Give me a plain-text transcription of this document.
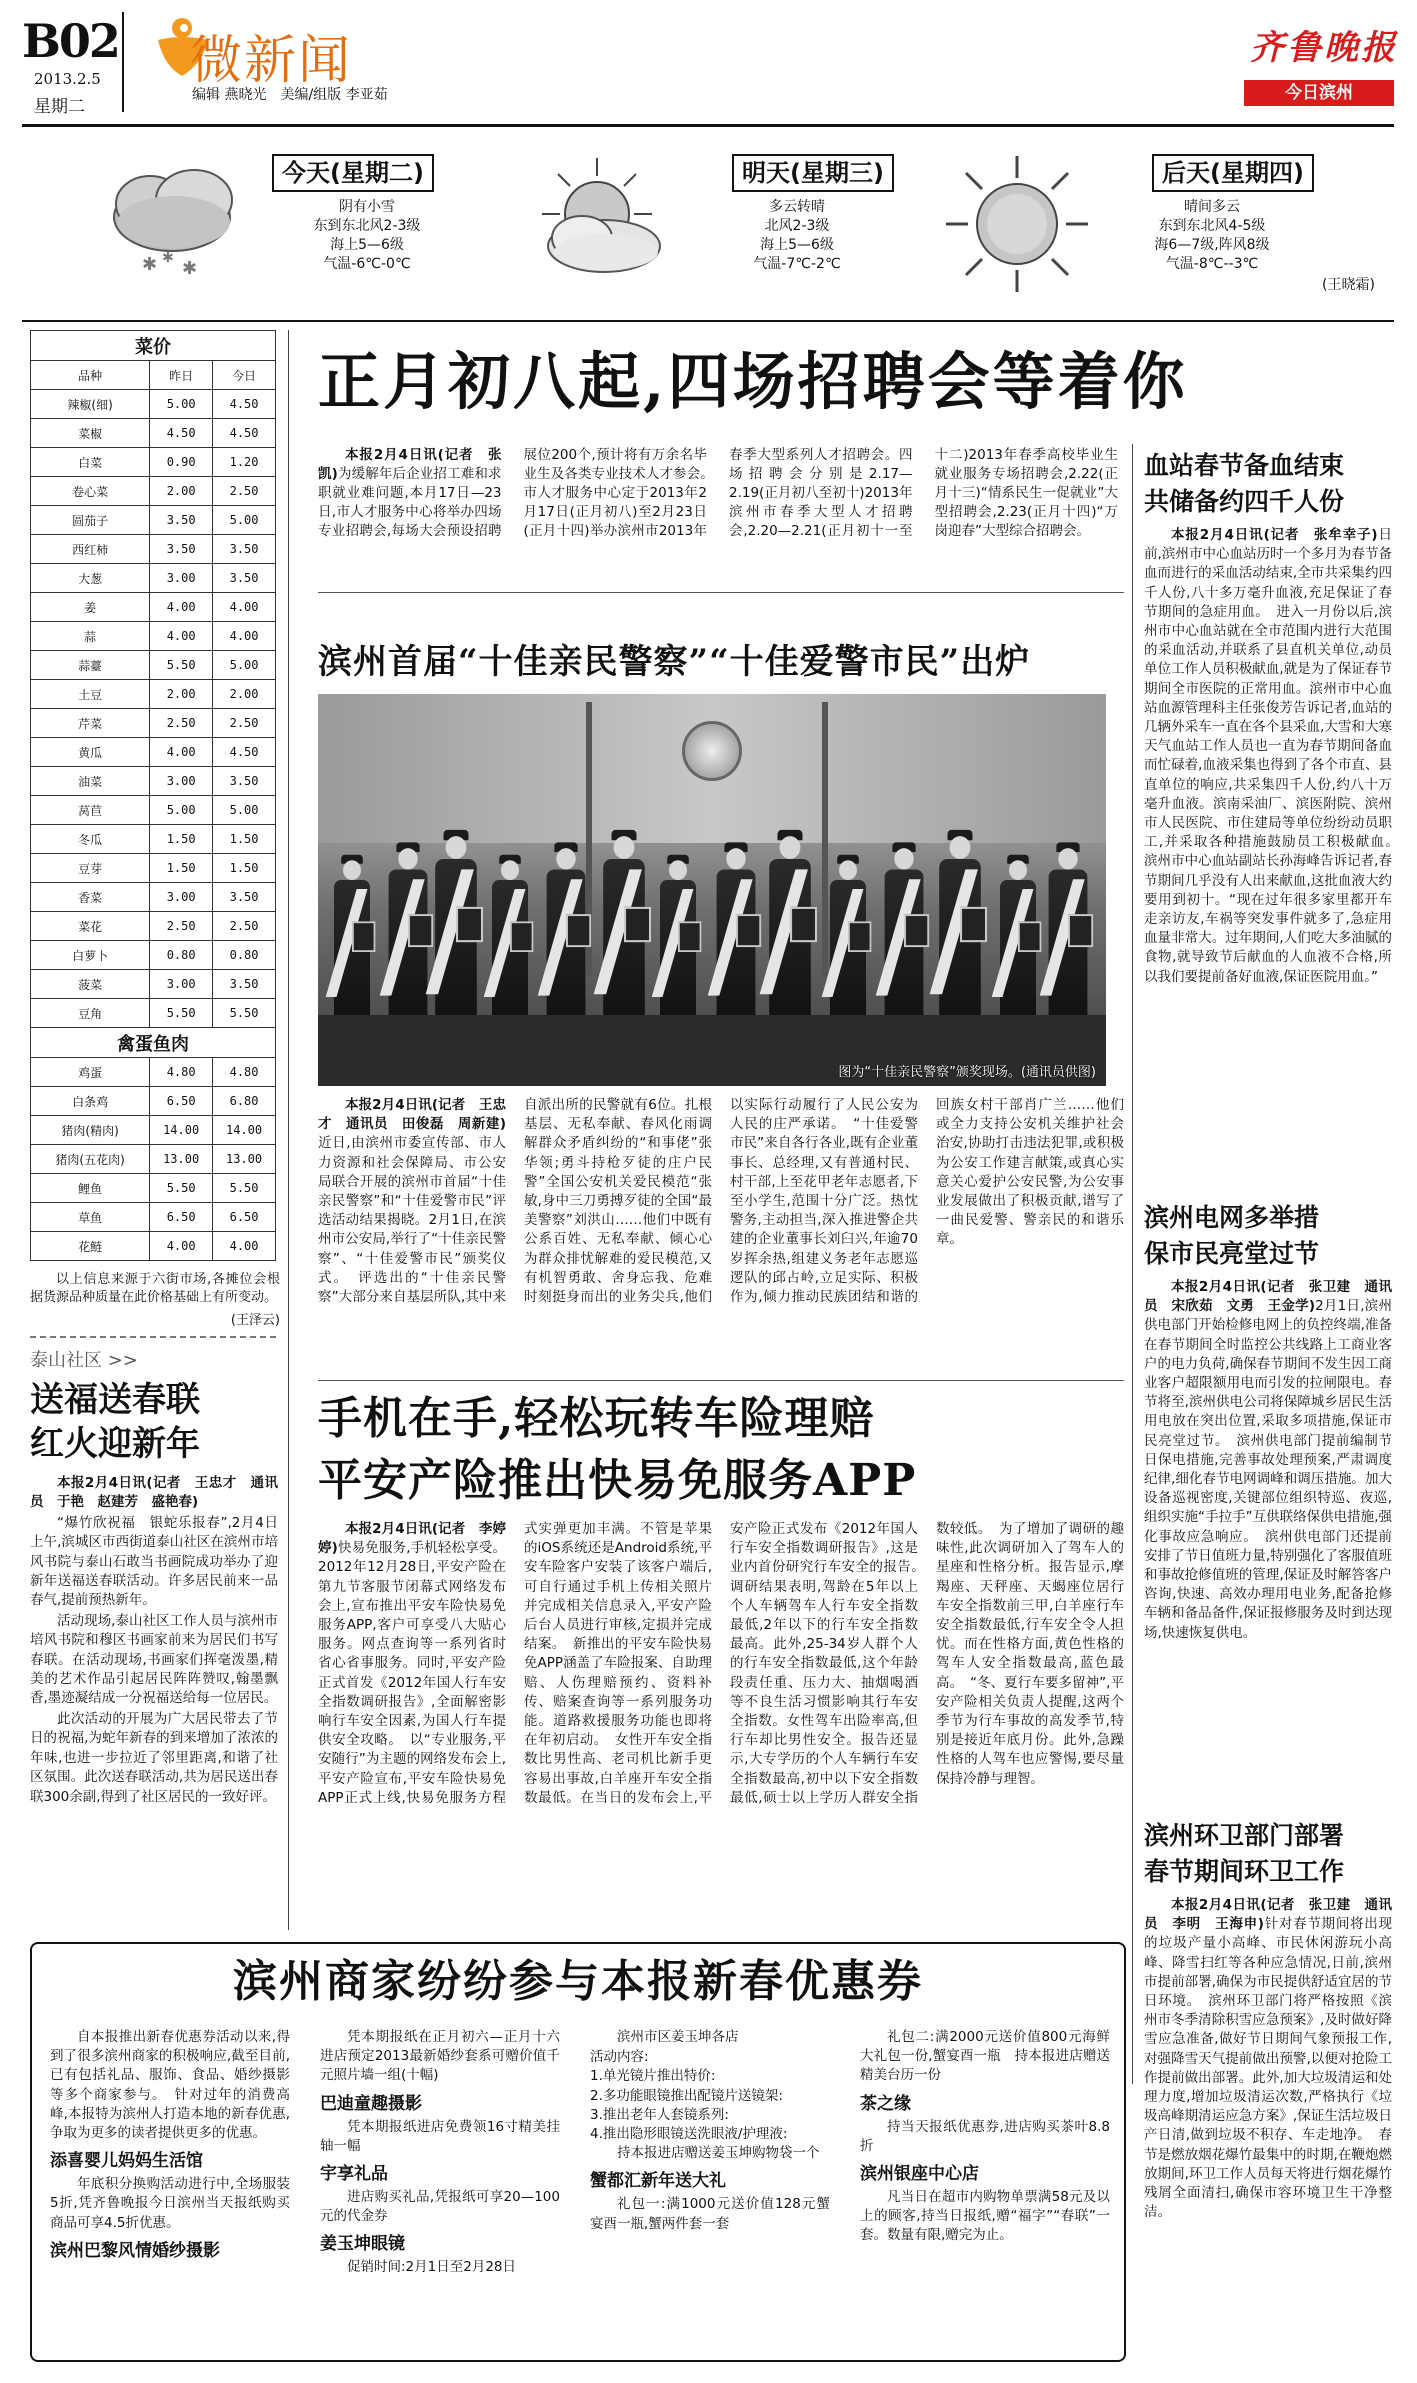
B02
2013.2.5
星期二
微新闻
编辑 燕晓光　美编/组版 李亚茹
齐鲁晚报
今日滨州
✱ ✱
✱
今天(星期二)
阴有小雪
东到东北风2-3级
海上5—6级
气温-6℃-0℃
明天(星期三)
多云转晴
北风2-3级
海上5—6级
气温-7℃-2℃
后天(星期四)
晴间多云
东到东北风4-5级
海6—7级,阵风8级
气温-8℃--3℃
(王晓霜)
菜价		
品种	昨日	今日
辣椒(细)	5.00	4.50
菜椒	4.50	4.50
白菜	0.90	1.20
卷心菜	2.00	2.50
圆茄子	3.50	5.00
西红柿	3.50	3.50
大葱	3.00	3.50
姜	4.00	4.00
蒜	4.00	4.00
蒜薹	5.50	5.00
土豆	2.00	2.00
芹菜	2.50	2.50
黄瓜	4.00	4.50
油菜	3.00	3.50
莴苣	5.00	5.00
冬瓜	1.50	1.50
豆芽	1.50	1.50
香菜	3.00	3.50
菜花	2.50	2.50
白萝卜	0.80	0.80
菠菜	3.00	3.50
豆角	5.50	5.50
禽蛋鱼肉		
鸡蛋	4.80	4.80
白条鸡	6.50	6.80
猪肉(精肉)	14.00	14.00
猪肉(五花肉)	13.00	13.00
鲤鱼	5.50	5.50
草鱼	6.50	6.50
花鲢	4.00	4.00

以上信息来源于六街市场,各摊位会根据货源品种质量在此价格基础上有所变动。

(王泽云)
泰山社区 >>
送福送春联
红火迎新年

本报2月4日讯(记者　王忠才　通讯员　于艳　赵建芳　盛艳春)

“爆竹欣祝福　银蛇乐报春”,2月4日上午,滨城区市西街道泰山社区在滨州市培风书院与泰山石敢当书画院成功举办了迎新年送福送春联活动。许多居民前来一品春气,提前预热新年。

活动现场,泰山社区工作人员与滨州市培风书院和穆区书画家前来为居民们书写春联。在活动现场,书画家们挥毫泼墨,精美的艺术作品引起居民阵阵赞叹,翰墨飘香,墨迹凝结成一分祝福送给每一位居民。

此次活动的开展为广大居民带去了节日的祝福,为蛇年新春的到来增加了浓浓的年味,也进一步拉近了邻里距离,和谐了社区氛围。此次送春联活动,共为居民送出春联300余副,得到了社区居民的一致好评。

正月初八起,四场招聘会等着你

本报2月4日讯(记者　张凯)为缓解年后企业招工难和求职就业难问题,本月17日—23日,市人才服务中心将举办四场专业招聘会,每场大会预设招聘展位200个,预计将有万余名毕业生及各类专业技术人才参会。　市人才服务中心定于2013年2月17日(正月初八)至2月23日(正月十四)举办滨州市2013年春季大型系列人才招聘会。四场招聘会分别是2.17—2.19(正月初八至初十)2013年滨州市春季大型人才招聘会,2.20—2.21(正月初十一至十二)2013年春季高校毕业生就业服务专场招聘会,2.22(正月十三)“情系民生一促就业”大型招聘会,2.23(正月十四)“万岗迎春”大型综合招聘会。

滨州首届“十佳亲民警察”“十佳爱警市民”出炉
图为“十佳亲民警察”颁奖现场。(通讯员供图)

本报2月4日讯(记者　王忠才　通讯员　田俊磊　周新建)近日,由滨州市委宣传部、市人力资源和社会保障局、市公安局联合开展的滨州市首届“十佳亲民警察”和“十佳爱警市民”评选活动结果揭晓。2月1日,在滨州市公安局,举行了“十佳亲民警察”、“十佳爱警市民”颁奖仪式。　评选出的“十佳亲民警察”大部分来自基层所队,其中来自派出所的民警就有6位。扎根基层、无私奉献、春风化雨调解群众矛盾纠纷的“和事佬”张华领;勇斗持枪歹徒的庄户民警”全国公安机关爱民模范“张敏,身中三刀勇搏歹徒的全国“最美警察”刘洪山……他们中既有公系百姓、无私奉献、倾心心为群众排忧解难的爱民模范,又有机智勇敢、舍身忘我、危难时刻挺身而出的业务尖兵,他们以实际行动履行了人民公安为人民的庄严承诺。　“十佳爱警市民”来自各行各业,既有企业董事长、总经理,又有普通村民、村干部,上至花甲老年志愿者,下至小学生,范围十分广泛。热忱警务,主动担当,深入推进警企共建的企业董事长刘臼兴,年逾70岁挥余热,组建义务老年志愿巡逻队的邱占岭,立足实际、积极作为,倾力推动民族团结和谐的回族女村干部肖广兰……他们或全力支持公安机关维护社会治安,协助打击违法犯罪,或积极为公安工作建言献策,或真心实意关心爱护公安民警,为公安事业发展做出了积极贡献,谱写了一曲民爱警、警亲民的和谐乐章。

手机在手,轻松玩转车险理赔
平安产险推出快易免服务APP

本报2月4日讯(记者　李婷婷)快易免服务,手机轻松享受。2012年12月28日,平安产险在第九节客服节闭幕式网络发布会上,宣布推出平安车险快易免服务APP,客户可享受八大贴心服务。网点查询等一系列省时省心省事服务。同时,平安产险正式首发《2012年国人行车安全指数调研报告》,全面解密影响行车安全因素,为国人行车提供安全攻略。　以“专业服务,平安随行”为主题的网络发布会上,平安产险宣布,平安车险快易免APP正式上线,快易免服务方程式实弹更加丰满。不管是苹果的iOS系统还是Android系统,平安车险客户安装了该客户端后,可自行通过手机上传相关照片并完成相关信息录入,平安产险后台人员进行审核,定损并完成结案。　新推出的平安车险快易免APP涵盖了车险报案、自助理赔、人伤理赔预约、资料补传、赔案查询等一系列服务功能。道路救援服务功能也即将在年初启动。　女性开车安全指数比男性高、老司机比新手更容易出事故,白羊座开车安全指数最低。在当日的发布会上,平安产险正式发布《2012年国人行车安全指数调研报告》,这是业内首份研究行车安全的报告。　调研结果表明,驾龄在5年以上个人车辆驾车人行车安全指数最低,2年以下的行车安全指数最高。此外,25-34岁人群个人的行车安全指数最低,这个年龄段责任重、压力大、抽烟喝酒等不良生活习惯影响其行车安全指数。女性驾车出险率高,但行车却比男性安全。报告还显示,大专学历的个人车辆行车安全指数最高,初中以下安全指数最低,硕士以上学历人群安全指数较低。　为了增加了调研的趣味性,此次调研加入了驾车人的星座和性格分析。报告显示,摩羯座、天秤座、天蝎座位居行车安全指数前三甲,白羊座行车安全指数最低,行车安全令人担忧。而在性格方面,黄色性格的驾车人安全指数最高,蓝色最高。　“冬、夏行车要多留神”,平安产险相关负责人提醒,这两个季节为行车事故的高发季节,特别是接近年底月份。此外,急躁性格的人驾车也应警惕,要尽量保持冷静与理智。

血站春节备血结束
共储备约四千人份

本报2月4日讯(记者　张牟幸子)日前,滨州市中心血站历时一个多月为春节备血而进行的采血活动结束,全市共采集约四千人份,八十多万毫升血液,充足保证了春节期间的急症用血。　进入一月份以后,滨州市中心血站就在全市范围内进行大范围的采血活动,并联系了县直机关单位,动员单位工作人员积极献血,就是为了保证春节期间全市医院的正常用血。滨州市中心血站血源管理科主任张俊芳告诉记者,血站的几辆外采车一直在各个县采血,大雪和大寒天气血站工作人员也一直为春节期间备血而忙碌着,血液采集也得到了各个市直、县直单位的响应,共采集四千人份,约八十万毫升血液。滨南采油厂、滨医附院、滨州市人民医院、市住建局等单位纷纷动员职工,并采取各种措施鼓励员工积极献血。　滨州市中心血站副站长孙海峰告诉记者,春节期间几乎没有人出来献血,这批血液大约要用到初十。“现在过年很多家里都开车走亲访友,车祸等突发事件就多了,急症用血量非常大。过年期间,人们吃大多油腻的食物,就导致节后献血的人血液不合格,所以我们要提前备好血液,保证医院用血。”

滨州电网多举措
保市民亮堂过节

本报2月4日讯(记者　张卫建　通讯员　宋欣茹　文勇　王金学)2月1日,滨州供电部门开始检修电网上的负控终端,准备在春节期间全时监控公共线路上工商业客户的电力负荷,确保春节期间不发生因工商业客户超限额用电而引发的拉闸限电。春节将至,滨州供电公司将保障城乡居民生活用电放在突出位置,采取多项措施,保证市民亮堂过节。　滨州供电部门提前编制节日保电措施,完善事故处理预案,严肃调度纪律,细化春节电网调峰和调压措施。加大设备巡视密度,关键部位组织特巡、夜巡,组织实施“手拉手”互供联络保供电措施,强化事故应急响应。　滨州供电部门还提前安排了节日值班力量,特别强化了客服值班和事故抢修值班的管理,保证及时解答客户咨询,快速、高效办理用电业务,配备抢修车辆和备品备件,保证报修服务及时到达现场,快速恢复供电。

滨州环卫部门部署
春节期间环卫工作

本报2月4日讯(记者　张卫建　通讯员　李明　王海申)针对春节期间将出现的垃圾产量小高峰、市民休闲游玩小高峰、降雪扫红等各种应急情况,日前,滨州市提前部署,确保为市民提供舒适宜居的节日环境。　滨州环卫部门将严格按照《滨州市冬季清除积雪应急预案》,及时做好降雪应急准备,做好节日期间气象预报工作,对强降雪天气提前做出预警,以便对抢险工作提前做出部署。此外,加大垃圾清运和处理力度,增加垃圾清运次数,严格执行《垃圾高峰期清运应急方案》,保证生活垃圾日产日清,做到垃圾不积存、车走地净。　春节是燃放烟花爆竹最集中的时期,在鞭炮燃放期间,环卫工作人员每天将进行烟花爆竹残屑全面清扫,确保市容环境卫生干净整洁。

滨州商家纷纷参与本报新春优惠券

自本报推出新春优惠券活动以来,得到了很多滨州商家的积极响应,截至目前,已有包括礼品、服饰、食品、婚纱摄影等多个商家参与。　针对过年的消费高峰,本报特为滨州人打造本地的新春优惠,争取为更多的读者提供更多的优惠。

添喜婴儿妈妈生活馆

年底积分换购活动进行中,全场服装5折,凭齐鲁晚报今日滨州当天报纸购买商品可享4.5折优惠。

滨州巴黎风情婚纱摄影

凭本期报纸在正月初六—正月十六进店预定2013最新婚纱套系可赠价值千元照片墙一组(十幅)

巴迪童趣摄影

凭本期报纸进店免费领16寸精美挂轴一幅

宇享礼品

进店购买礼品,凭报纸可享20—100元的代金券

姜玉坤眼镜

促销时间:2月1日至2月28日

滨州市区姜玉坤各店

活动内容:
1.单光镜片推出特价:
2.多功能眼镜推出配镜片送镜架:
3.推出老年人套镜系列:
4.推出隐形眼镜送洗眼液/护理液:

持本报进店赠送姜玉坤购物袋一个

蟹都汇新年送大礼

礼包一:满1000元送价值128元蟹宴酉一瓶,蟹两件套一套

礼包二:满2000元送价值800元海鲜大礼包一份,蟹宴酉一瓶　持本报进店赠送精美台历一份

茶之缘

持当天报纸优惠券,进店购买茶叶8.8折

滨州银座中心店

凡当日在超市内购物单票满58元及以上的顾客,持当日报纸,赠“福字”“春联”一套。数量有限,赠完为止。
